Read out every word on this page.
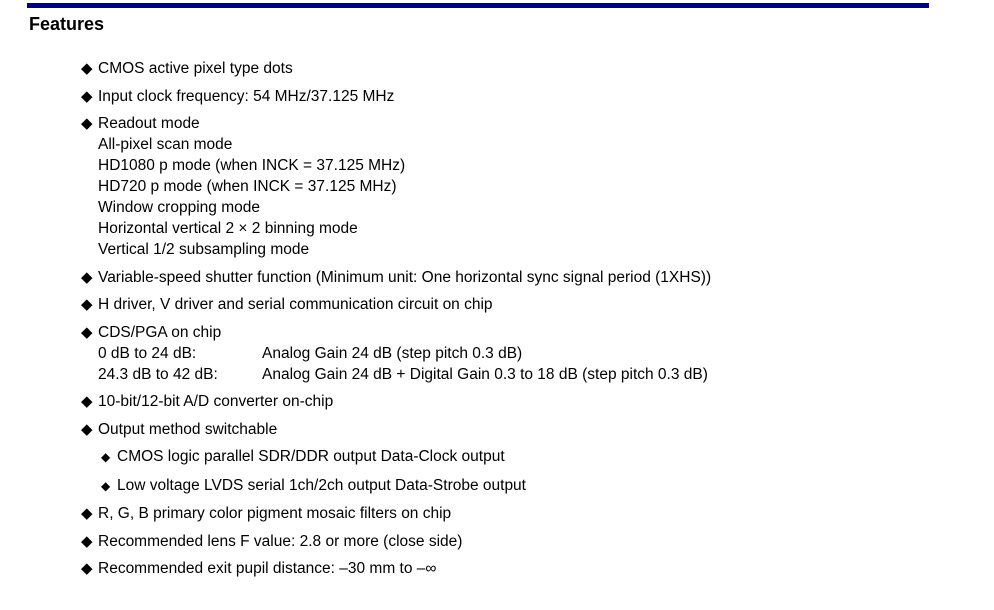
Features
◆ CMOS active pixel type dots
◆ Input clock frequency: 54 MHz/37.125 MHz
◆ Readout mode
All-pixel scan mode
HD1080 p mode (when INCK = 37.125 MHz)
HD720 p mode (when INCK = 37.125 MHz)
Window cropping mode
Horizontal vertical 2 × 2 binning mode
Vertical 1/2 subsampling mode
◆ Variable-speed shutter function (Minimum unit: One horizontal sync signal period (1XHS))
◆ H driver, V driver and serial communication circuit on chip
◆ CDS/PGA on chip
0 dB to 24 dB:	Analog Gain 24 dB (step pitch 0.3 dB)
24.3 dB to 42 dB:	Analog Gain 24 dB + Digital Gain 0.3 to 18 dB (step pitch 0.3 dB)
◆ 10-bit/12-bit A/D converter on-chip
◆ Output method switchable
◆ CMOS logic parallel SDR/DDR output Data-Clock output
◆ Low voltage LVDS serial 1ch/2ch output Data-Strobe output
◆ R, G, B primary color pigment mosaic filters on chip
◆ Recommended lens F value: 2.8 or more (close side)
◆ Recommended exit pupil distance: –30 mm to –∞
